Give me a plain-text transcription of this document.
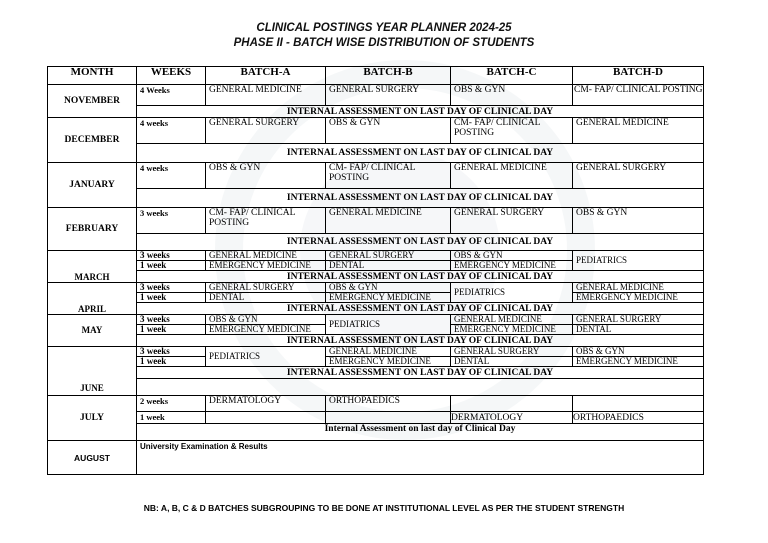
CLINICAL POSTINGS YEAR PLANNER 2024-25
PHASE II - BATCH WISE DISTRIBUTION OF STUDENTS
MONTH	WEEKS	BATCH-A	BATCH-B	BATCH-C	BATCH-D
NOVEMBER	4 Weeks	GENERAL MEDICINE	GENERAL SURGERY	OBS & GYN	CM- FAP/ CLINICAL POSTING
	INTERNAL ASSESSMENT ON LAST DAY OF CLINICAL DAY				
DECEMBER	4 weeks	GENERAL SURGERY	OBS & GYN	CM- FAP/ CLINICAL POSTING	GENERAL MEDICINE
	INTERNAL ASSESSMENT ON LAST DAY OF CLINICAL DAY				
JANUARY	4 weeks	OBS & GYN	CM- FAP/ CLINICAL POSTING	GENERAL MEDICINE	GENERAL SURGERY
	INTERNAL ASSESSMENT ON LAST DAY OF CLINICAL DAY				
FEBRUARY	3 weeks	CM- FAP/ CLINICAL POSTING	GENERAL MEDICINE	GENERAL SURGERY	OBS & GYN
	INTERNAL ASSESSMENT ON LAST DAY OF CLINICAL DAY				
MARCH	3 weeks	GENERAL MEDICINE	GENERAL SURGERY	OBS & GYN	PEDIATRICS
	1 week	EMERGENCY MEDICINE	DENTAL	EMERGENCY MEDICINE	
	INTERNAL ASSESSMENT ON LAST DAY OF CLINICAL DAY				
APRIL	3 weeks	GENERAL SURGERY	OBS & GYN	PEDIATRICS	GENERAL MEDICINE
	1 week	DENTAL	EMERGENCY MEDICINE		EMERGENCY MEDICINE
	INTERNAL ASSESSMENT ON LAST DAY OF CLINICAL DAY				
MAY	3 weeks	OBS & GYN	PEDIATRICS	GENERAL MEDICINE	GENERAL SURGERY
	1 week	EMERGENCY MEDICINE		EMERGENCY MEDICINE	DENTAL
	INTERNAL ASSESSMENT ON LAST DAY OF CLINICAL DAY				
JUNE	3 weeks	PEDIATRICS	GENERAL MEDICINE	GENERAL SURGERY	OBS & GYN
	1 week		EMERGENCY MEDICINE	DENTAL	EMERGENCY MEDICINE
	INTERNAL ASSESSMENT ON LAST DAY OF CLINICAL DAY				

JULY	2 weeks	DERMATOLOGY	ORTHOPAEDICS		
	1 week			DERMATOLOGY	ORTHOPAEDICS
	Internal Assessment on last day of Clinical Day				
AUGUST	University Examination & Results				
NB: A, B, C & D BATCHES SUBGROUPING TO BE DONE AT INSTITUTIONAL LEVEL AS PER THE STUDENT STRENGTH
